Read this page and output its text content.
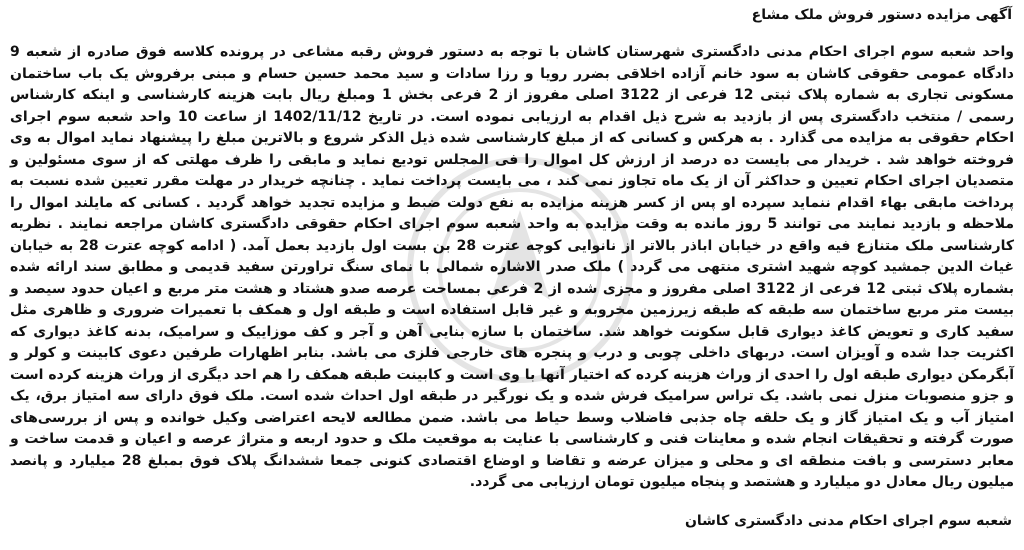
آگهی مزایده دستور فروش ملک مشاع
واحد شعبه سوم اجرای احکام مدنی دادگستری شهرستان کاشان با توجه به دستور فروش رقبه مشاعی در پرونده کلاسه فوق صادره از شعبه 9 دادگاه عمومی حقوقی کاشان به سود خانم آزاده اخلاقی بضرر رویا و رزا سادات و سید محمد حسین حسام و مبنی برفروش یک باب ساختمان مسکونی تجاری به شماره پلاک ثبتی 12 فرعی از 3122 اصلی مفروز از 2 فرعی بخش 1 ومبلغ ریال بابت هزینه کارشناسی و اینکه کارشناس رسمی / منتخب دادگستری پس از بازدید به شرح ذیل اقدام به ارزیابی نموده است. در تاریخ 1402/11/12 از ساعت 10 واحد شعبه سوم اجرای احکام حقوقی به مزایده می گذارد . به هرکس و کسانی که از مبلغ کارشناسی شده ذیل الذکر شروع و بالاترین مبلغ را پیشنهاد نماید اموال به وی فروخته خواهد شد . خریدار می بایست ده درصد از ارزش کل اموال را فی المجلس تودیع نماید و مابقی را ظرف مهلتی که از سوی مسئولین و متصدیان اجرای احکام تعیین و حداکثر آن از یک ماه تجاوز نمی کند ، می بایست پرداخت نماید . چنانچه خریدار در مهلت مقرر تعیین شده نسبت به پرداخت مابقی بهاء اقدام ننماید سپرده او پس از کسر هزینه مزایده به نفع دولت ضبط و مزایده تجدید خواهد گردید . کسانی که مایلند اموال را ملاحظه و بازدید نمایند می توانند 5 روز مانده به وقت مزایده به واحد شعبه سوم اجرای احکام حقوقی دادگستری کاشان مراجعه نمایند . نظریه کارشناسی ملک متنازع فیه واقع در خیابان اباذر بالاتر از نانوایی کوچه عترت 28 بن بست اول بازدید بعمل آمد. ( ادامه کوچه عترت 28 به خیابان غیاث الدین جمشید کوچه شهید اشتری منتهی می گردد ) ملک صدر الاشاره شمالی با نمای سنگ تراورتن سفید قدیمی و مطابق سند ارائه شده بشماره پلاک ثبتی 12 فرعی از 3122 اصلی مفروز و مجزی شده از 2 فرعی بمساحت عرصه صدو هشتاد و هشت متر مربع و اعیان حدود سیصد و بیست متر مربع ساختمان سه طبقه که طبقه زیرزمین مخروبه و غیر قابل استفاده است و طبقه اول و همکف با تعمیرات ضروری و ظاهری مثل سفید کاری و تعویض کاغذ دیواری قابل سکونت خواهد شد. ساختمان با سازه بنایی آهن و آجر و کف موزاییک و سرامیک، بدنه کاغذ دیواری که اکثریت جدا شده و آویزان است. دربهای داخلی چوبی و درب و پنجره های خارجی فلزی می باشد. بنابر اظهارات طرفین دعوی کابینت و کولر و آبگرمکن دیواری طبقه اول را احدی از وراث هزینه کرده که اختیار آنها با وی است و کابینت طبقه همکف را هم احد دیگری از وراث هزینه کرده است و جزو منصوبات منزل نمی باشد. یک تراس سرامیک فرش شده و یک نورگیر در طبقه اول احداث شده است. ملک فوق دارای سه امتیاز برق، یک امتیاز آب و یک امتیاز گاز و یک حلقه چاه جذبی فاضلاب وسط حیاط می باشد. ضمن مطالعه لایحه اعتراضی وکیل خوانده و پس از بررسی‌های صورت گرفته و تحقیقات انجام شده و معاینات فنی و کارشناسی با عنایت به موقعیت ملک و حدود اربعه و متراژ عرصه و اعیان و قدمت ساخت و معابر دسترسی و بافت منطقه ای و محلی و میزان عرضه و تقاضا و اوضاع اقتصادی کنونی جمعا ششدانگ پلاک فوق بمبلغ 28 میلیارد و پانصد میلیون ریال معادل دو میلیارد و هشتصد و پنجاه میلیون تومان ارزیابی می گردد.
شعبه سوم اجرای احکام مدنی دادگستری کاشان
